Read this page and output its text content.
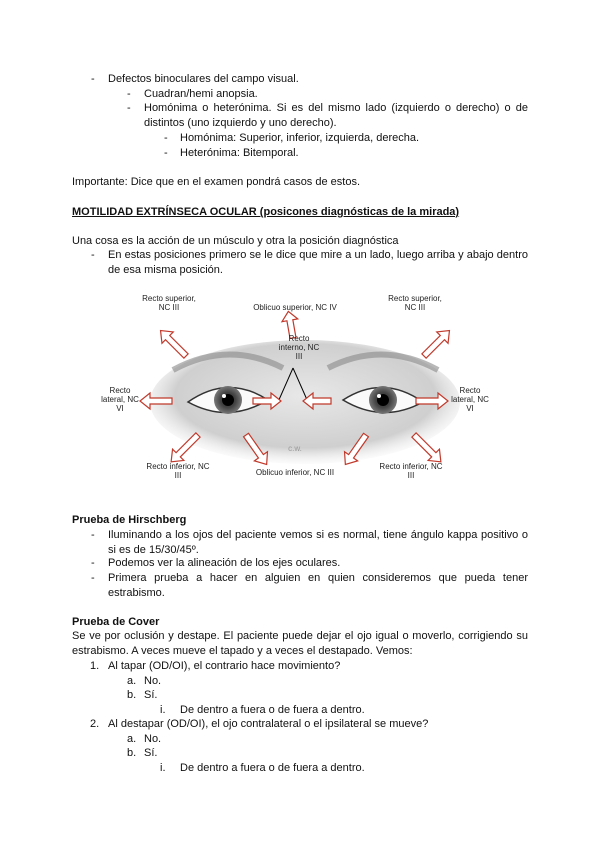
- Defectos binoculares del campo visual.
- Cuadran/hemi anopsia.
- Homónima o heterónima. Si es del mismo lado (izquierdo o derecho) o de distintos (uno izquierdo y uno derecho).
- Homónima: Superior, inferior, izquierda, derecha.
- Heterónima: Bitemporal.
Importante: Dice que en el examen pondrá casos de estos.
MOTILIDAD EXTRÍNSECA OCULAR (posicones diagnósticas de la mirada)
Una cosa es la acción de un músculo y otra la posición diagnóstica
- En estas posiciones primero se le dice que mire a un lado, luego arriba y abajo dentro de esa misma posición.
Recto superior, NC III	Oblicuo superior, NC IV
Recto superior, NC III
Recto interno, NC III
Recto lateral, NC VI
Recto lateral, NC VI
Recto inferior, NC III	Oblicuo inferior, NC III
Recto inferior, NC III
c.w.
Prueba de Hirschberg
- Iluminando a los ojos del paciente vemos si es normal, tiene ángulo kappa positivo o si es de 15/30/45º.
- Podemos ver la alineación de los ejes oculares.
- Primera prueba a hacer en alguien en quien consideremos que pueda tener estrabismo.
Prueba de Cover
Se ve por oclusión y destape. El paciente puede dejar el ojo igual o moverlo, corrigiendo su estrabismo. A veces mueve el tapado y a veces el destapado. Vemos:
1. Al tapar (OD/OI), el contrario hace movimiento?
a. No.
b. Sí.
i. De dentro a fuera o de fuera a dentro.
2. Al destapar (OD/OI), el ojo contralateral o el ipsilateral se mueve?
a. No.
b. Sí.
i. De dentro a fuera o de fuera a dentro.
